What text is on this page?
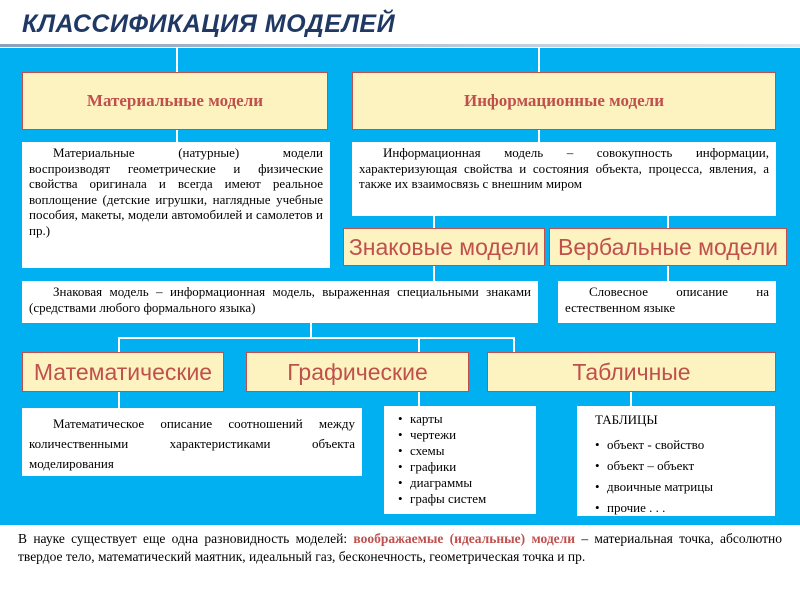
КЛАССИФИКАЦИЯ МОДЕЛЕЙ
Материальные модели	Информационные модели
Материальные (натурные) модели воспроизводят геометрические и физические свойства оригинала и всегда имеют реальное воплощение (детские игрушки, наглядные учебные пособия, макеты, модели автомобилей и самолетов и пр.)
Информационная модель – совокупность информации, характеризующая свойства и состояния объекта, процесса, явления, а также их взаимосвязь с внешним миром
Знаковые модели Вербальные модели
Знаковая модель – информационная модель, выраженная специальными знаками (средствами любого формального языка)
Словесное описание на естественном языке
Математические	Графические	Табличные
Математическое описание соотношений между количественными характеристиками объекта моделирования
• карты
• чертежи
• схемы
• графики
• диаграммы
• графы систем
ТАБЛИЦЫ
• объект - свойство
• объект – объект
• двоичные матрицы
• прочие . . .
В науке существует еще одна разновидность моделей: воображаемые (идеальные) модели – материальная точка, абсолютно твердое тело, математический маятник, идеальный газ, бесконечность, геометрическая точка и пр.
